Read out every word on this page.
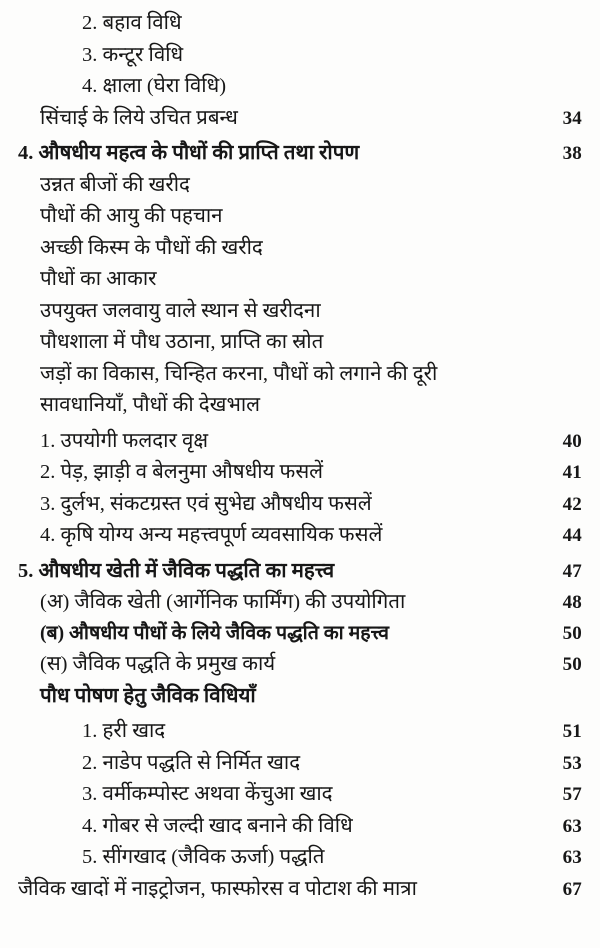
2. बहाव विधि
3. कन्टूर विधि
4. क्षाला (घेरा विधि)
सिंचाई के लिये उचित प्रबन्ध	34
4. औषधीय महत्व के पौधों की प्राप्ति तथा रोपण	38
उन्नत बीजों की खरीद
पौधों की आयु की पहचान
अच्छी किस्म के पौधों की खरीद
पौधों का आकार
उपयुक्त जलवायु वाले स्थान से खरीदना
पौधशाला में पौध उठाना, प्राप्ति का स्रोत
जड़ों का विकास, चिन्हित करना, पौधों को लगाने की दूरी
सावधानियाँ, पौधों की देखभाल
1. उपयोगी फलदार वृक्ष	40
2. पेड़, झाड़ी व बेलनुमा औषधीय फसलें	41
3. दुर्लभ, संकटग्रस्त एवं सुभेद्य औषधीय फसलें	42
4. कृषि योग्य अन्य महत्त्वपूर्ण व्यवसायिक फसलें	44
5. औषधीय खेती में जैविक पद्धति का महत्त्व	47
(अ) जैविक खेती (आर्गेनिक फार्मिंग) की उपयोगिता	48
(ब) औषधीय पौधों के लिये जैविक पद्धति का महत्त्व	50
(स) जैविक पद्धति के प्रमुख कार्य	50
पौध पोषण हेतु जैविक विधियाँ
1. हरी खाद	51
2. नाडेप पद्धति से निर्मित खाद	53
3. वर्मीकम्पोस्ट अथवा केंचुआ खाद	57
4. गोबर से जल्दी खाद बनाने की विधि	63
5. सींगखाद (जैविक ऊर्जा) पद्धति	63
जैविक खादों में नाइट्रोजन, फास्फोरस व पोटाश की मात्रा	67
